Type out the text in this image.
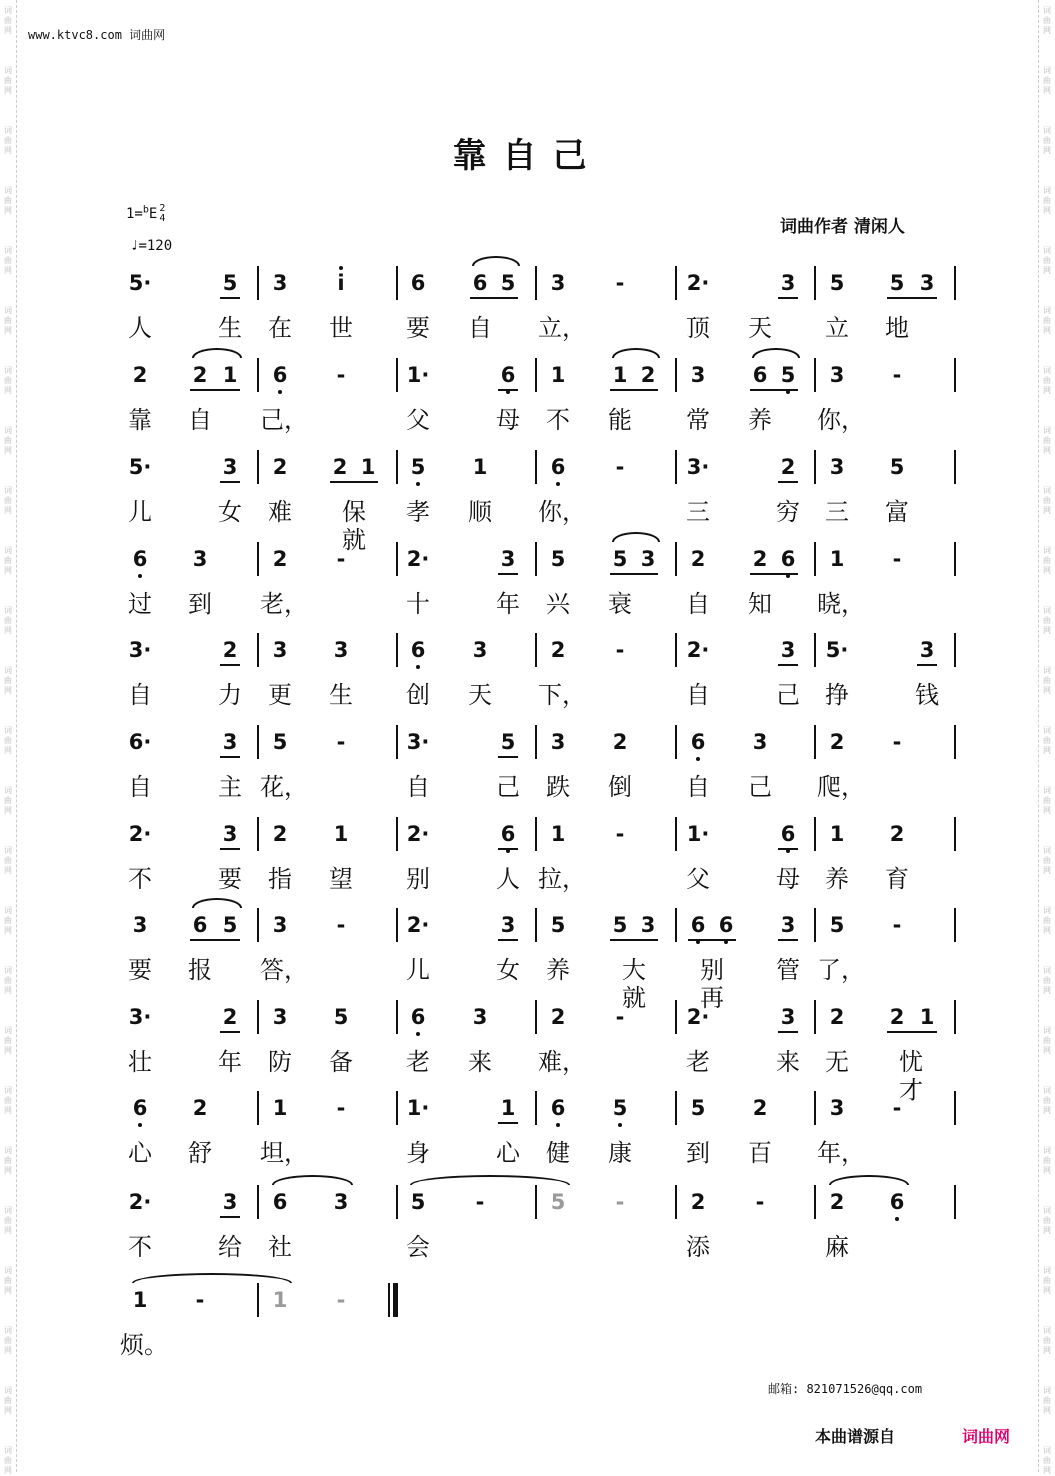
www.ktvc8.com 词曲网
靠自己
1=$^b$E 2
4
♩=120
词曲作者 清闲人
5·	5	3	i	6	6 5	3	-	2·	3	5	5 3
人	生	在	世	要	自	立，	顶	天	立	地
2	2 1	6	-	1·	6	1	1 2	3	6 5	3	-
靠	自	己，	父	母	不	能	常	养	你，
5·	3	2	2 1	5	1	6	-	3·	2	3	5
儿	女	难	保就
孝	顺	你，	三	穷	三	富
6	3	2	-	2·	3	5	5 3	2	2 6	1	-
过	到	老，	十	年	兴	衰	自	知	晓，
3·	2	3	3	6	3	2	-	2·	3	5·	3
自	力	更	生	创	天	下，	自	己	挣	钱
6·	3	5	-	3·	5	3	2	6	3	2	-
自	主 花，	自	己	跌	倒	自	己	爬，
2·	3	2	1	2·	6	1	-	1·	6	1	2
不	要	指	望	别	人 拉，	父	母	养	育
3	6 5	3	-	2·	3	5	5 3	6 6	3	5	-
要	报	答，	儿	女	养	大就
别再
管 了，
3·	2	3	5	6	3	2	-	2·	3	2	2 1
壮	年	防	备	老	来	难，	老	来	无	忧才
6	2	1	-	1·	1	6	5	5	2	3	-
心	舒	坦，	身	心	健	康	到	百	年，
2·	3	6	3	5	-	5	-	2	-	2	6
不	给	社	会	添	麻
1	-	1	-
烦。
邮箱: 821071526@qq.com
本曲谱源自	词曲网
词
曲
网
词
曲
网
词
曲
网
词
曲
网
词
曲
网
词
曲
网
词
曲
网
词
曲
网
词
曲
网
词
曲
网
词
曲
网
词
曲
网
词
曲
网
词
曲
网
词
曲
网
词
曲
网
词
曲
网
词
曲
网
词
曲
网
词
曲
网
词
曲
网
词
曲
网
词
曲
网
词
曲
网
词
曲
网
词
曲
网
词
曲
网
词
曲
网
词
曲
网
词
曲
网
词
曲
网
词
曲
网
词
曲
网
词
曲
网
词
曲
网
词
曲
网
词
曲
网
词
曲
网
词
曲
网
词
曲
网
词
曲
网
词
曲
网
词
曲
网
词
曲
网
词
曲
网
词
曲
网
词
曲
网
词
曲
网
词
曲
网
词
曲
网
